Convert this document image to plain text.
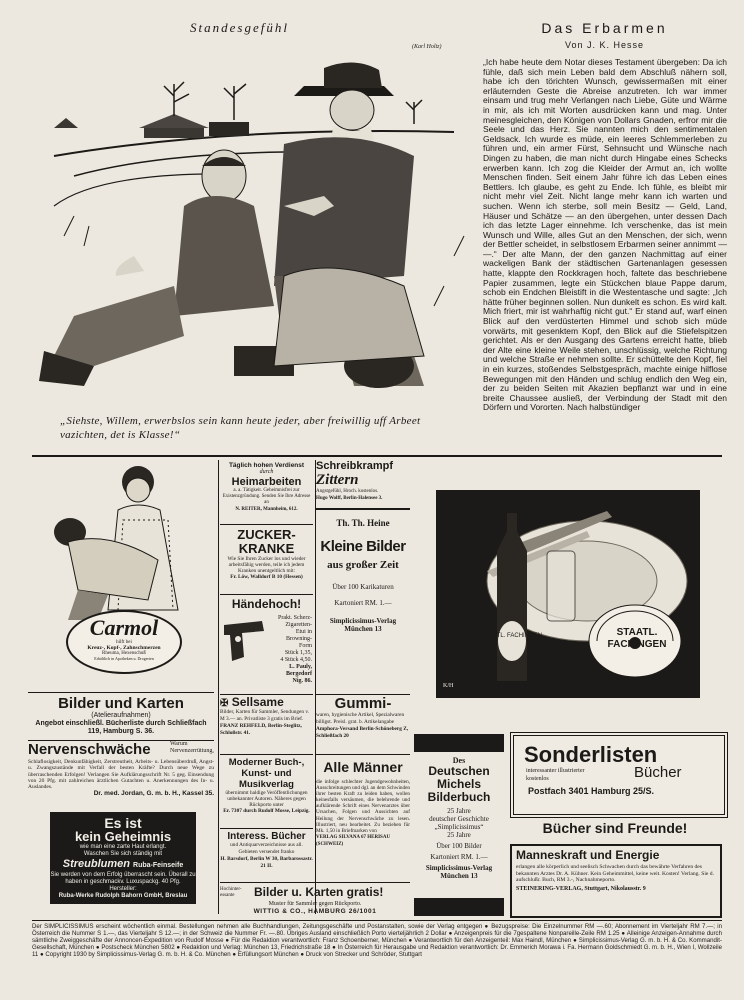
Standesgefühl
(Karl Holtz)
„Siehste, Willem, erwerbslos sein kann heute jeder, aber freiwillig uff Arbeet vazichten, det is Klasse!“
Das Erbarmen
Von J. K. Hesse
„Ich habe heute dem Notar dieses Testament übergeben: Da ich fühle, daß sich mein Leben bald dem Abschluß nähern soll, habe ich den törichten Wunsch, gewissermaßen mit einer erläuternden Geste die Abreise anzutreten. Ich war immer einsam und trug mehr Verlangen nach Liebe, Güte und Wärme in mir, als ich mit Worten ausdrücken kann und mag. Unter meinesgleichen, den Königen von Dollars Gnaden, erfror mir die Seele und das Herz. Sie nannten mich den sentimentalen Geldsack. Ich wurde es müde, ein leeres Schlemmerleben zu führen und, ein armer Fürst, Sehnsucht und Wünsche nach Dingen zu haben, die man nicht durch Hingabe eines Schecks erwerben kann. Ich zog die Kleider der Armut an, ich wollte Menschen finden. Seit einem Jahr führe ich das Leben eines Bettlers. Ich glaube, es geht zu Ende. Ich fühle, es bleibt mir nicht mehr viel Zeit. Nicht lange mehr kann ich warten und suchen. Wenn ich sterbe, soll mein Besitz — Geld, Land, Häuser und Schätze — an den übergehen, unter dessen Dach ich das letzte Lager einnehme. Ich verschenke, das ist mein Wunsch und Wille, alles Gut an den Menschen, der sich, wenn der Bettler scheidet, in selbstlosem Erbarmen seiner annimmt — —.“ Der alte Mann, der den ganzen Nachmittag auf einer wackeligen Bank der städtischen Gartenanlagen gesessen hatte, klappte den Rockkragen hoch, faltete das beschriebene Papier zusammen, legte ein Stückchen blaue Pappe darum, schob ein Endchen Bleistift in die Westentasche und sagte: „Ich hätte früher beginnen sollen. Nun dunkelt es schon. Es wird kalt. Mich friert, mir ist wahrhaftig nicht gut.“ Er stand auf, warf einen Blick auf den verdüsterten Himmel und schob sich müde vorwärts, mit gesenktem Kopf, den Blick auf die Stiefelspitzen gerichtet. Als er den Ausgang des Gartens erreicht hatte, blieb der Alte eine kleine Weile stehen, unschlüssig, welche Richtung und welche Straße er nehmen sollte. Er schüttelte den Kopf, fiel in ein kurzes, stoßendes Selbstgespräch, machte einige hilflose Bewegungen mit den Händen und schlug endlich den Weg ein, der zu beiden Seiten mit Akazien bepflanzt war und in eine breite Chaussee ausließ, der Verbindung der Stadt mit den Dörfern und Vororten. Nach halbstündiger
Carmol
hilft bei
Kreuz-, Kopf-, Zahnschmerzen
Rheuma, Hexenschuß
Erhältlich in Apotheken u. Drogerien
Bilder und Karten
(Atelieraufnahmen)
Angebot einschließl. Bücherliste durch Schließfach 119, Hamburg S. 36.
Nervenschwäche	Warum Nervenzerrüttung,
Schlaflosigkeit, Denkunfähigkeit, Zerstreutheit, Arbeits- u. Lebensüberdruß, Angst- u. Zwangszustände mit Verfall der besten Kräfte? Durch neue Wege zu überraschenden Erfolgen! Verlangen Sie Aufklärungsschrift Nr. 5 geg. Einsendung von 20 Pfg. mit zahlreichen ärztlichen Gutachten u. Anerkennungen des In- u. Auslandes.
Dr. med. Jordan, G. m. b. H., Kassel 35.
Es ist
kein Geheimnis
wie man eine zarte Haut erlangt.
Waschen Sie sich ständig mit
Streublumen Ruba-Feinseife
Sie werden von dem Erfolg überrascht sein. Überall zu haben in geschmackv. Luxuspackg. 40 Pfg.
Hersteller:
Ruba-Werke Rudolph Bahorn GmbH, Breslau
Täglich hohen Verdienst
durch
Heimarbeiten
a. a. Tätigkeit. Geheimnisfrei zur Existenzgründung. Senden Sie Ihre Adresse an
N. REITER, Mannheim, 612.
ZUCKER-KRANKE
Wie Sie Ihren Zucker los und wieder arbeitsfähig werden, teile ich jedem Kranken unentgeltlich mit:
Fr. Löw, Walldorf B 10 (Hessen)
Händehoch!
Prakt. Scherz-
Zigaretten-
Etui in
Browning-
Form
Stück 1,35,
4 Stück 4,50.
L. Pauly,
Bergedorf
Nig. 86.
✠ Sellsame
Bilder, Karten für Sammler, Sendungen v. M 3.— an. Privatliste 3 gratis im Brief.
FRANZ REHFELD, Berlin-Steglitz, Schloßstr. 41.
Moderner Buch-, Kunst- und Musikverlag
übernimmt haldige Veröffentlichungen unbekannter Autoren. Näheres gegen Rückporto unter
Er. 7307 durch Rudolf Mosse, Leipzig.
Interess. Bücher
und Antiquarverzeichnisse aus all. Gebieten versendet franko
H. Barsdorf, Berlin W 30, Barbarossastr. 21 II.
Hochinter-essante	Bilder u. Karten gratis!
Muster für Sammler gegen Rückporto.
WITTIG & CO., HAMBURG 26/1001
Schreibkrampf
Zittern
Angstgefühl, Hroch. kostenlos.
Hugo Wolff, Berlin-Halensee 3.
Th. Th. Heine
Kleine Bilder
aus großer Zeit
Über 100 Karikaturen
Kartoniert RM. 1.—
Simplicissimus-Verlag
München 13
Gummi-
waren, hygienische Artikel, Spezialwaren billigst. Preisl. grat. b. Artikelangabe
Amphora-Versand Berlin-Schöneberg Z, Schließfach 20
Alle Männer
die infolge schlechter Jugendgewohnheiten, Ausschreitungen und dgl. an dem Schwinden ihrer besten Kraft zu leiden haben, wollen keinesfalls versäumen, die belehrende und aufklärende Schrift eines Nervenarztes über Ursachen, Folgen und Aussichten auf Heilung der Nervenschwäche zu lesen. Illustriert, neu bearbeitet. Zu beziehen für Mk. 1,50 in Briefmarken von
VERLAG SILVANA 67 HERISAU (SCHWEIZ)
Des
Deutschen
Michels
Bilderbuch
25 Jahre
deutscher Geschichte
„Simplicissimus“
25 Jahre
Über 100 Bilder
Kartoniert RM. 1.—
Simplicissimus-Verlag
München 13
STAATL. FACHINGEN	STAATL. FACHINGEN
K/H
Sonderlisten
interessanter illustrierter	Bücher
kostenlos
Postfach 3401 Hamburg 25/S.
Bücher sind Freunde!
Manneskraft und Energie
erlangen alle körperlich und seelisch Schwachen durch das bewährte Verfahren des bekannten Arztes Dr. A. Kühner. Kein Geheimmittel, keine weit. Kosten! Verlang. Sie d. aufschlußr. Buch, RM 3.-, Nachnahmeporto.
STEINERING-VERLAG, Stuttgart, Nikolausstr. 9
Der SIMPLICISSIMUS erscheint wöchentlich einmal. Bestellungen nehmen alle Buchhandlungen, Zeitungsgeschäfte und Postanstalten, sowie der Verlag entgegen ● Bezugspreise: Die Einzelnummer RM —.60; Abonnement im Vierteljahr RM 7.—; in Österreich die Nummer S 1.—, das Vierteljahr S 12.—; in der Schweiz die Nummer Fr. —.80. Übriges Ausland einschließlich Porto vierteljährlich 2 Dollar ● Anzeigenpreis für die 7gespaltene Nonpareille-Zeile RM 1.25 ● Alleinige Anzeigen-Annahme durch sämtliche Zweiggeschäfte der Annoncen-Expedition von Rudolf Mosse ● Für die Redaktion verantwortlich: Franz Schoenberner, München ● Verantwortlich für den Anzeigenteil: Max Haindl, München ● Simplicissimus-Verlag G. m. b. H. & Co. Kommandit-Gesellschaft, München ● Postscheck München 5802 ● Redaktion und Verlag: München 13, Friedrichstraße 18 ● In Österreich für Herausgabe und Redaktion verantwortlich: Dr. Emmerich Morawa i. Fa. Hermann Goldschmiedt G. m. b. H., Wien I, Wollzeile 11 ● Copyright 1930 by Simplicissimus-Verlag G. m. b. H. & Co. München ● Erfüllungsort München ● Druck von Strecker und Schröder, Stuttgart
